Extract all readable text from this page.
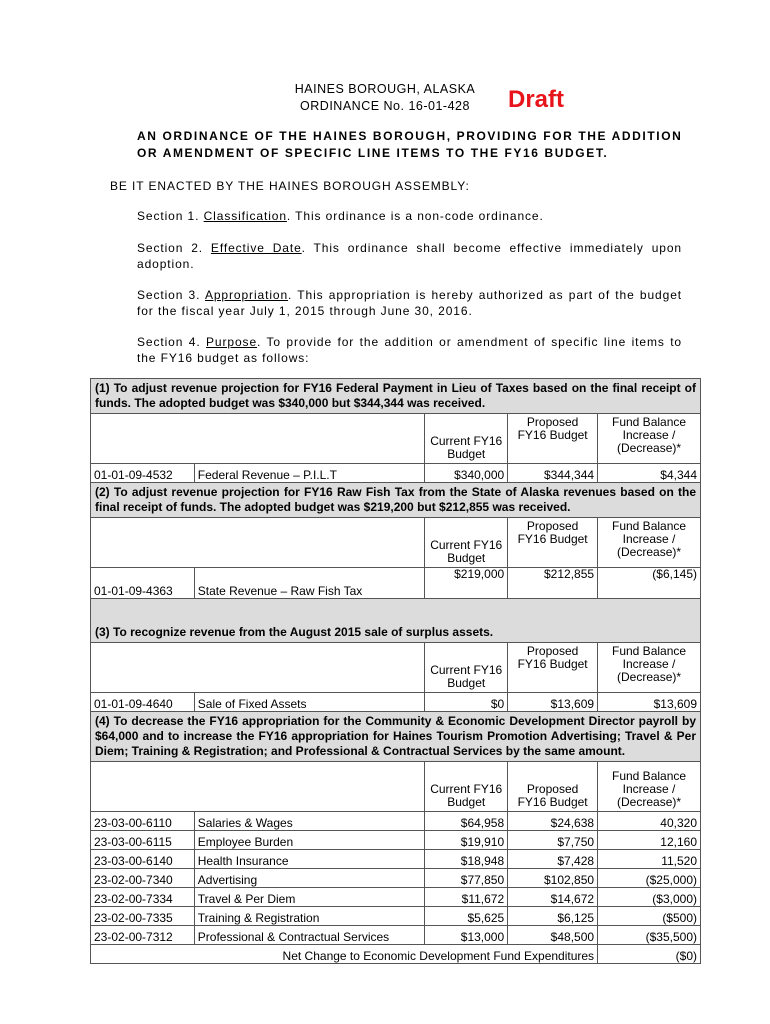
HAINES BOROUGH, ALASKA
ORDINANCE No. 16-01-428	Draft
AN ORDINANCE OF THE HAINES BOROUGH, PROVIDING FOR THE ADDITION OR AMENDMENT OF SPECIFIC LINE ITEMS TO THE FY16 BUDGET.
BE IT ENACTED BY THE HAINES BOROUGH ASSEMBLY:
Section 1. Classification. This ordinance is a non-code ordinance.
Section 2. Effective Date. This ordinance shall become effective immediately upon adoption.
Section 3. Appropriation. This appropriation is hereby authorized as part of the budget for the fiscal year July 1, 2015 through June 30, 2016.
Section 4. Purpose. To provide for the addition or amendment of specific line items to the FY16 budget as follows:
(1) To adjust revenue projection for FY16 Federal Payment in Lieu of Taxes based on the final receipt of funds. The adopted budget was $340,000 but $344,344 was received.				
		Current FY16 Budget	Proposed FY16 Budget	Fund Balance Increase / (Decrease)*
01-01-09-4532	Federal Revenue – P.I.L.T	$340,000	$344,344	$4,344
(2) To adjust revenue projection for FY16 Raw Fish Tax from the State of Alaska revenues based on the final receipt of funds. The adopted budget was $219,200 but $212,855 was received.				
		Current FY16 Budget	Proposed FY16 Budget	Fund Balance Increase / (Decrease)*
01-01-09-4363	State Revenue – Raw Fish Tax	$219,000	$212,855	($6,145)
(3) To recognize revenue from the August 2015 sale of surplus assets.				
		Current FY16 Budget	Proposed FY16 Budget	Fund Balance Increase / (Decrease)*
01-01-09-4640	Sale of Fixed Assets	$0	$13,609	$13,609
(4) To decrease the FY16 appropriation for the Community & Economic Development Director payroll by $64,000 and to increase the FY16 appropriation for Haines Tourism Promotion Advertising; Travel & Per Diem; Training & Registration; and Professional & Contractual Services by the same amount.				
		Current FY16 Budget	Proposed FY16 Budget	Fund Balance Increase / (Decrease)*
23-03-00-6110	Salaries & Wages	$64,958	$24,638	40,320
23-03-00-6115	Employee Burden	$19,910	$7,750	12,160
23-03-00-6140	Health Insurance	$18,948	$7,428	11,520
23-02-00-7340	Advertising	$77,850	$102,850	($25,000)
23-02-00-7334	Travel & Per Diem	$11,672	$14,672	($3,000)
23-02-00-7335	Training & Registration	$5,625	$6,125	($500)
23-02-00-7312	Professional & Contractual Services	$13,000	$48,500	($35,500)
Net Change to Economic Development Fund Expenditures				($0)
